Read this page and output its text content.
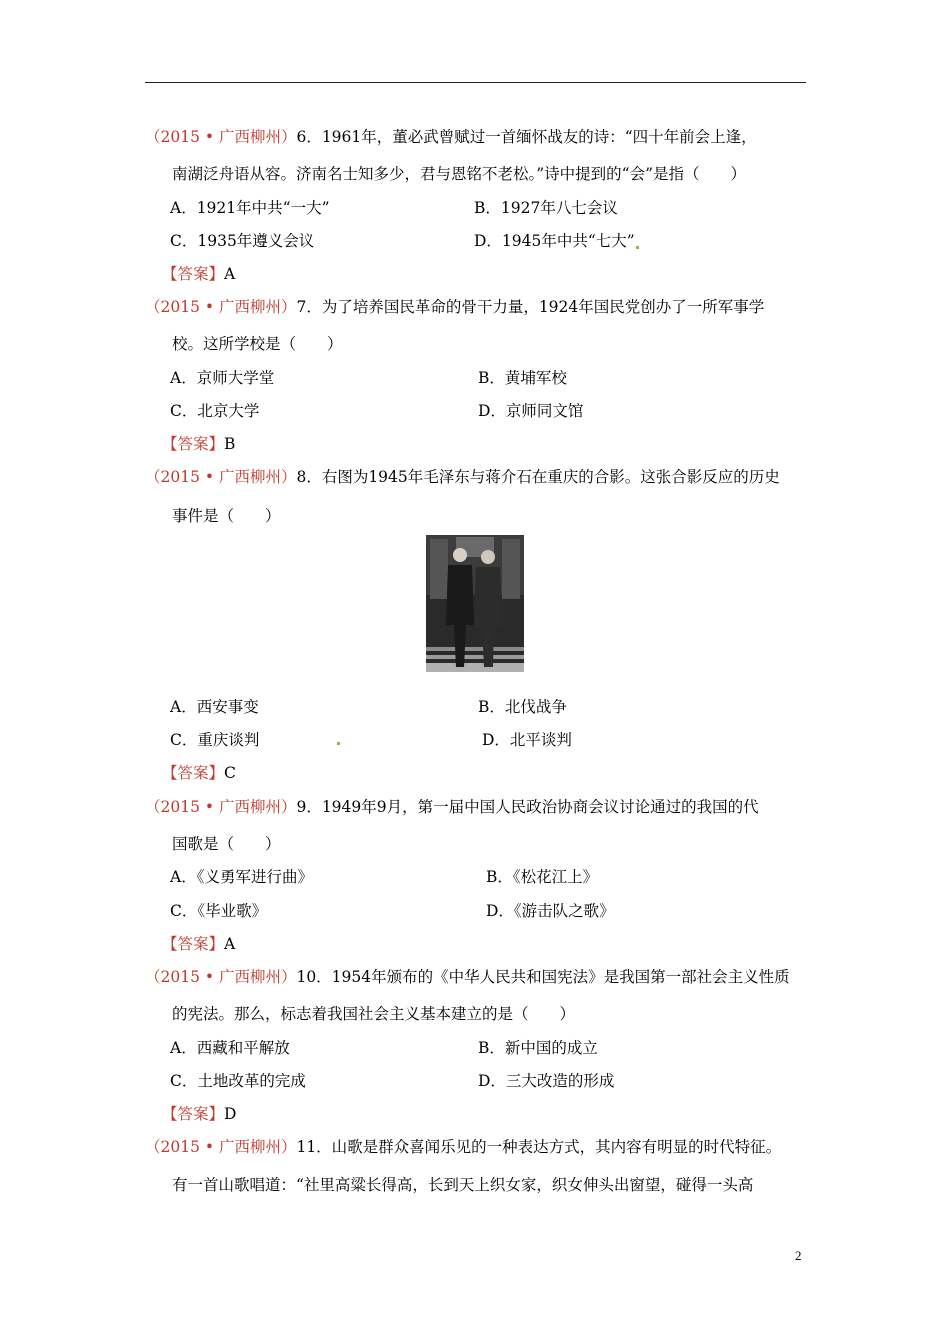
（2015 • 广西柳州）6．1961年，董必武曾赋过一首缅怀战友的诗：“四十年前会上逢，
南湖泛舟语从容。济南名士知多少，君与恩铭不老松。”诗中提到的“会”是指（　　）
A．1921年中共“一大”	B．1927年八七会议
C．1935年遵义会议	D．1945年中共“七大”
【答案】A
（2015 • 广西柳州）7．为了培养国民革命的骨干力量，1924年国民党创办了一所军事学
校。这所学校是（　　）
A．京师大学堂	B．黄埔军校
C．北京大学	D．京师同文馆
【答案】B
（2015 • 广西柳州）8．右图为1945年毛泽东与蒋介石在重庆的合影。这张合影反应的历史
事件是（　　）
A．西安事变	B．北伐战争
C．重庆谈判	D．北平谈判
【答案】C
（2015 • 广西柳州）9．1949年9月，第一届中国人民政治协商会议讨论通过的我国的代
国歌是（　　）
A．《义勇军进行曲》	B．《松花江上》
C．《毕业歌》	D．《游击队之歌》
【答案】A
（2015 • 广西柳州）10．1954年颁布的《中华人民共和国宪法》是我国第一部社会主义性质
的宪法。那么，标志着我国社会主义基本建立的是（　　）
A．西藏和平解放	B．新中国的成立
C．土地改革的完成	D．三大改造的形成
【答案】D
（2015 • 广西柳州）11．山歌是群众喜闻乐见的一种表达方式，其内容有明显的时代特征。
有一首山歌唱道：“社里高粱长得高，长到天上织女家，织女伸头出窗望，碰得一头高
2
